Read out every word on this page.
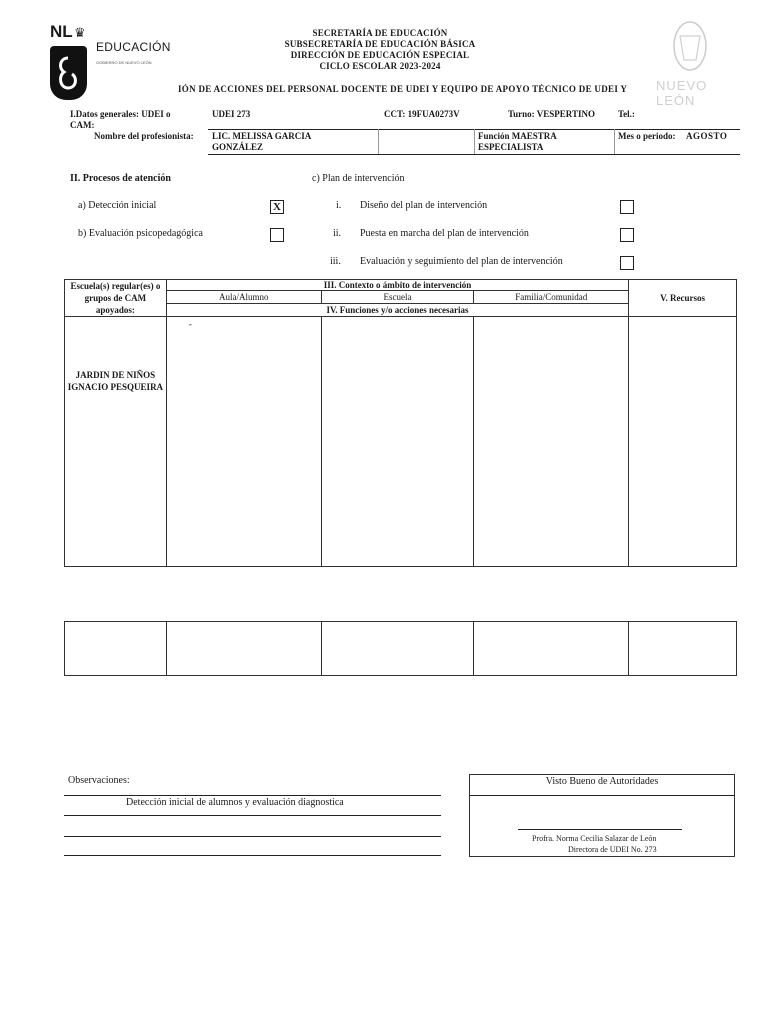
NL ♛
EDUCACIÓN
GOBIERNO DE NUEVO LEÓN
NUEVO LEÓN
SECRETARÍA DE EDUCACIÓN
SUBSECRETARÍA DE EDUCACIÓN BÁSICA
DIRECCIÓN DE EDUCACIÓN ESPECIAL
CICLO ESCOLAR 2023-2024
IÓN DE ACCIONES DEL PERSONAL DOCENTE DE UDEI Y EQUIPO DE APOYO TÉCNICO DE UDEI Y
I.Datos generales: UDEI o CAM:
UDEI 273	CCT: 19FUA0273V	Turno: VESPERTINO	Tel.:
Nombre del profesionista: LIC. MELISSA GARCIA GONZÁLEZ
Función MAESTRA ESPECIALISTA
Mes o periodo: AGOSTO
II. Procesos de atención
a) Detección inicial	X
b) Evaluación psicopedagógica
c) Plan de intervención
i. Diseño del plan de intervención
ii. Puesta en marcha del plan de intervención
iii. Evaluación y seguimiento del plan de intervención
Escuela(s) regular(es) o grupos de CAM apoyados:	III. Contexto o ámbito de intervención			V. Recursos
	Aula/Alumno	Escuela	Familia/Comunidad	
	IV. Funciones y/o acciones necesarias			
JARDIN DE NIÑOS IGNACIO PESQUEIRA	-			

Observaciones:
Detección inicial de alumnos y evaluación diagnostica
Visto Bueno de Autoridades
Profra. Norma Cecilia Salazar de León
Directora de UDEI No. 273
